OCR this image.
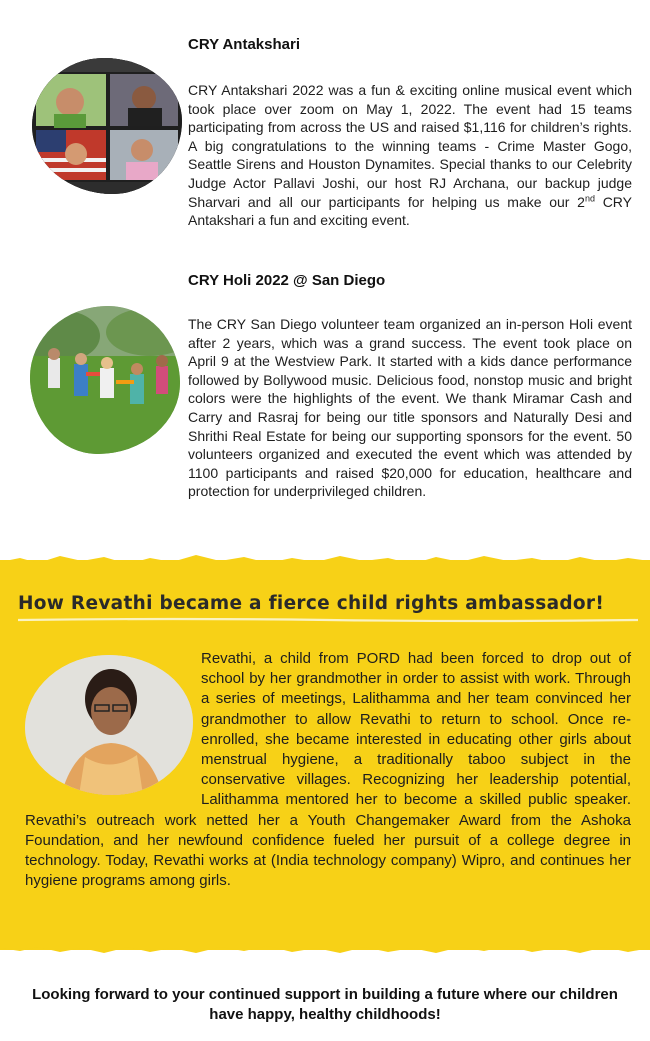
CRY Antakshari
CRY Antakshari 2022 was a fun & exciting online musical event which took place over zoom on May 1, 2022. The event had 15 teams participating from across the US and raised $1,116 for children’s rights. A big congratulations to the winning teams - Crime Master Gogo, Seattle Sirens and Houston Dynamites. Special thanks to our Celebrity Judge Actor Pallavi Joshi, our host RJ Archana, our backup judge Sharvari and all our participants for helping us make our 2nd CRY Antakshari a fun and exciting event.
CRY Holi 2022 @ San Diego
The CRY San Diego volunteer team organized an in-person Holi event after 2 years, which was a grand success. The event took place on April 9 at the Westview Park. It started with a kids dance performance followed by Bollywood music. Delicious food, nonstop music and bright colors were the highlights of the event. We thank Miramar Cash and Carry and Rasraj for being our title sponsors and Naturally Desi and Shrithi Real Estate for being our supporting sponsors for the event. 50 volunteers organized and executed the event which was attended by 1100 participants and raised $20,000 for education, healthcare and protection for underprivileged children.
How Revathi became a fierce child rights ambassador!
Revathi, a child from PORD had been forced to drop out of school by her grandmother in order to assist with work. Through a series of meetings, Lalithamma and her team convinced her grandmother to allow Revathi to return to school. Once re-enrolled, she became interested in educating other girls about menstrual hygiene, a traditionally taboo subject in the conservative villages. Recognizing her leadership potential, Lalithamma mentored her to become a skilled public speaker. Revathi’s outreach work netted her a Youth Changemaker Award from the Ashoka Foundation, and her newfound confidence fueled her pursuit of a college degree in technology. Today, Revathi works at (India technology company) Wipro, and continues her hygiene programs among girls.
Looking forward to your continued support in building a future where our children have happy, healthy childhoods!
